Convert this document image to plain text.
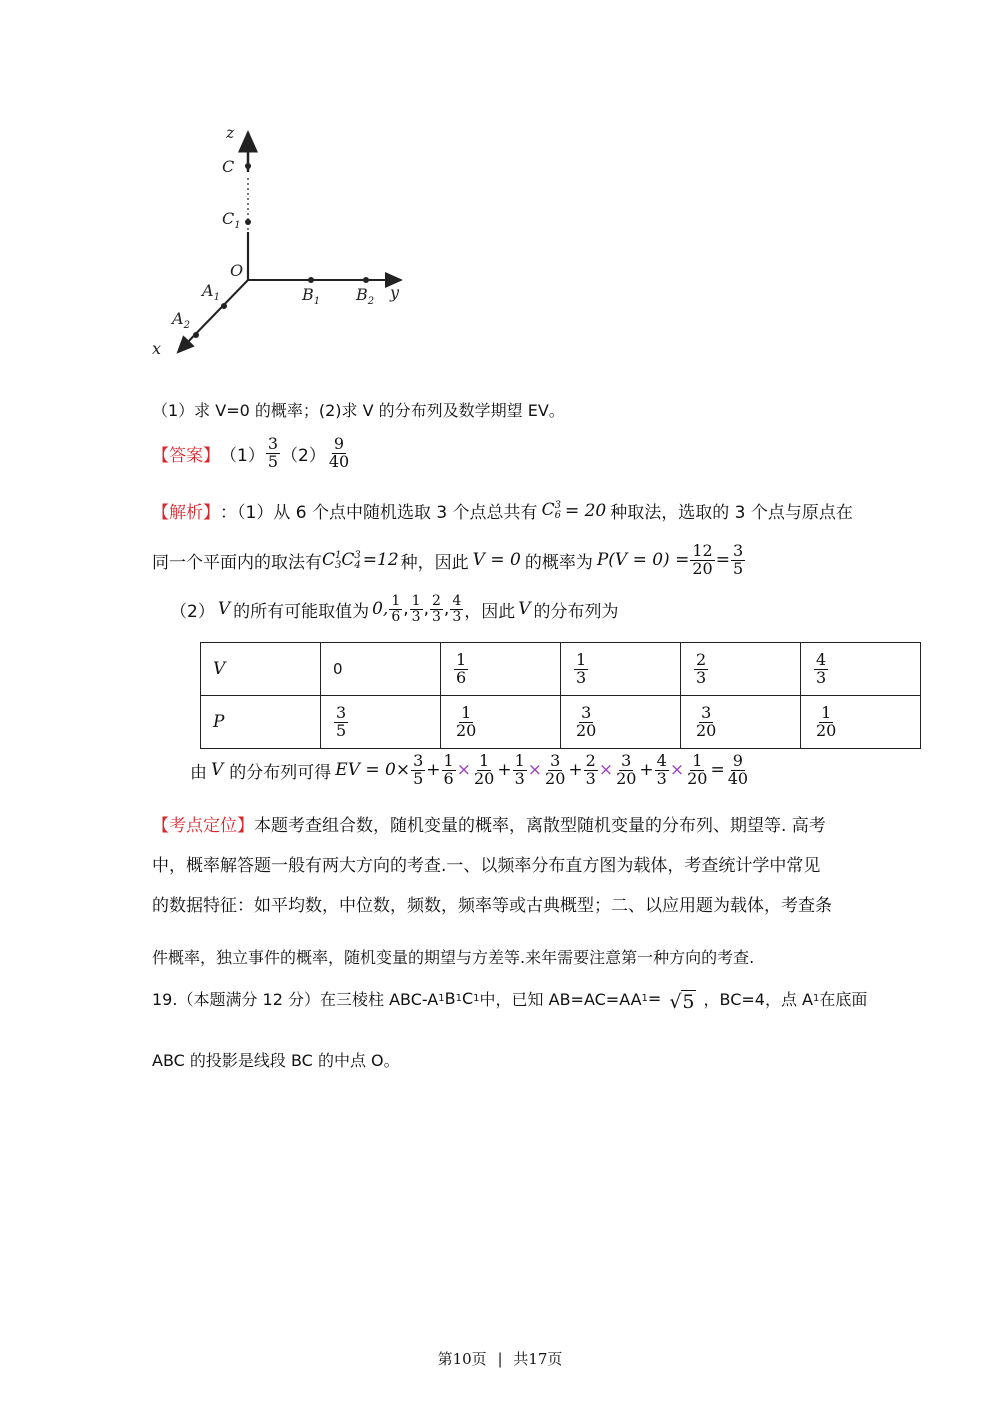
z
C
$C_1$
O
$A_1$
$A_2$
$B_1$ $B_2$ y
x
（1）求 V=0 的概率；(2)求 V 的分布列及数学期望 EV。
【答案】 $(1) \frac{3}{5} (2) \frac{9}{40}$
【解析】 ：（1）从 6 个点中随机选取 3 个点总共有 C 3
6 = 20 种取法，选取的 3 个点与原点在
同一个平面内的取法有 C 1
3 C 3
4 =12 种，因此 V = 0 的概率为 $P(V = 0) = \frac{12}{20} = \frac{3}{5}$
（2） V 的所有可能取值为 0, $\frac{1}{6}$ , $\frac{1}{3}$ , $\frac{2}{3}$ , $\frac{4}{3}$ ，因此 V 的分布列为
V	0	$\frac{1}{6}$	$\frac{1}{3}$	$\frac{2}{3}$	$\frac{4}{3}$

P	$\frac{3}{5}$	$\frac{1}{20}$	$\frac{3}{20}$	$\frac{3}{20}$	$\frac{1}{20}$
由 V 的分布列可得 EV = $0\times \frac{3}{5} + \frac{1}{6} \times \frac{1}{20} + \frac{1}{3} \times \frac{3}{20} + \frac{2}{3} \times \frac{3}{20} + \frac{4}{3} \times \frac{1}{20} = \frac{9}{40}$
【考点定位】 本题考查组合数，随机变量的概率，离散型随机变量的分布列、期望等. 高考
中，概率解答题一般有两大方向的考查.一、以频率分布直方图为载体，考查统计学中常见
的数据特征：如平均数，中位数，频数，频率等或古典概型；二、以应用题为载体，考查条
件概率，独立事件的概率，随机变量的期望与方差等.来年需要注意第一种方向的考查.
19.（本题满分 12 分）在三棱柱 ABC-A 1 B 1 C 1 中，已知 AB=AC=AA 1 = √ 5 ，BC=4，点 A 1 在底面
ABC 的投影是线段 BC 的中点 O。
第10页 | 共17页
